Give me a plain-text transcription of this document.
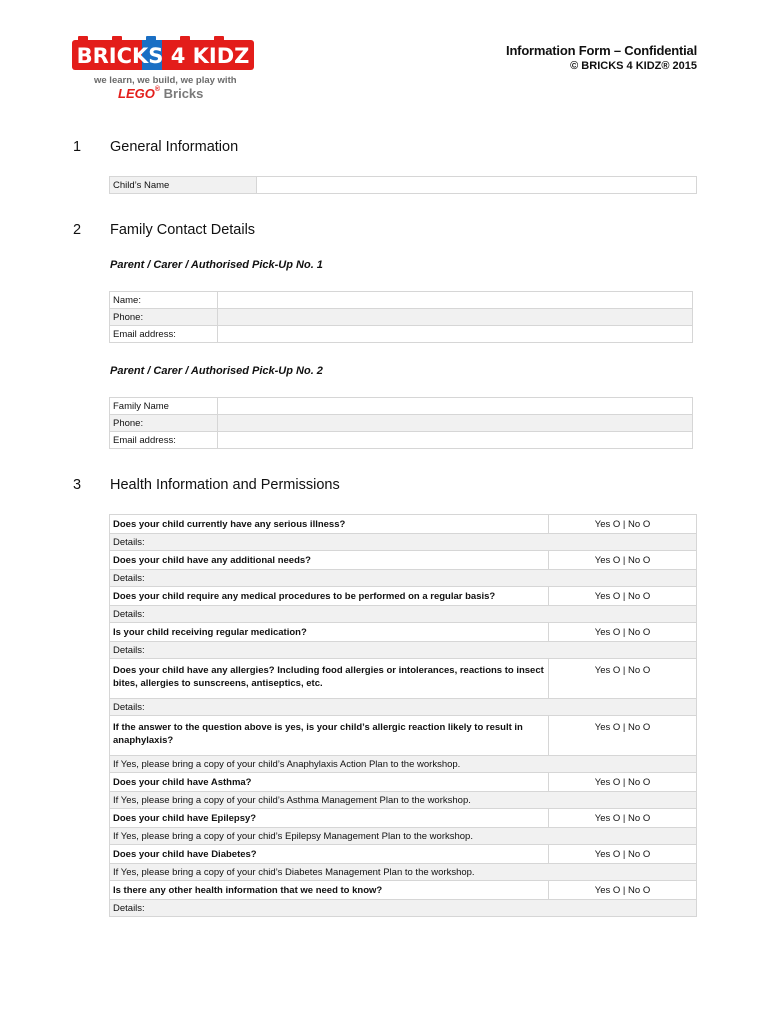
BRICKS 4 KIDZ
we learn, we build, we play with
LEGO® Bricks
Information Form – Confidential
© BRICKS 4 KIDZ® 2015
1 General Information
Child’s Name	
2 Family Contact Details
Parent / Carer / Authorised Pick-Up No. 1
Name:	
Phone:	
Email address:	
Parent / Carer / Authorised Pick-Up No. 2
Family Name	
Phone:	
Email address:	
3 Health Information and Permissions
Does your child currently have any serious illness?	Yes O | No O
Details:	
Does your child have any additional needs?	Yes O | No O
Details:	
Does your child require any medical procedures to be performed on a regular basis?	Yes O | No O
Details:	
Is your child receiving regular medication?	Yes O | No O
Details:	
Does your child have any allergies? Including food allergies or intolerances, reactions to insect bites, allergies to sunscreens, antiseptics, etc.	Yes O | No O
Details:	
If the answer to the question above is yes, is your child’s allergic reaction likely to result in anaphylaxis?	Yes O | No O
If Yes, please bring a copy of your child’s Anaphylaxis Action Plan to the workshop.	
Does your child have Asthma?	Yes O | No O
If Yes, please bring a copy of your child’s Asthma Management Plan to the workshop.	
Does your child have Epilepsy?	Yes O | No O
If Yes, please bring a copy of your chid’s Epilepsy Management Plan to the workshop.	
Does your child have Diabetes?	Yes O | No O
If Yes, please bring a copy of your chid’s Diabetes Management Plan to the workshop.	
Is there any other health information that we need to know?	Yes O | No O
Details:	
